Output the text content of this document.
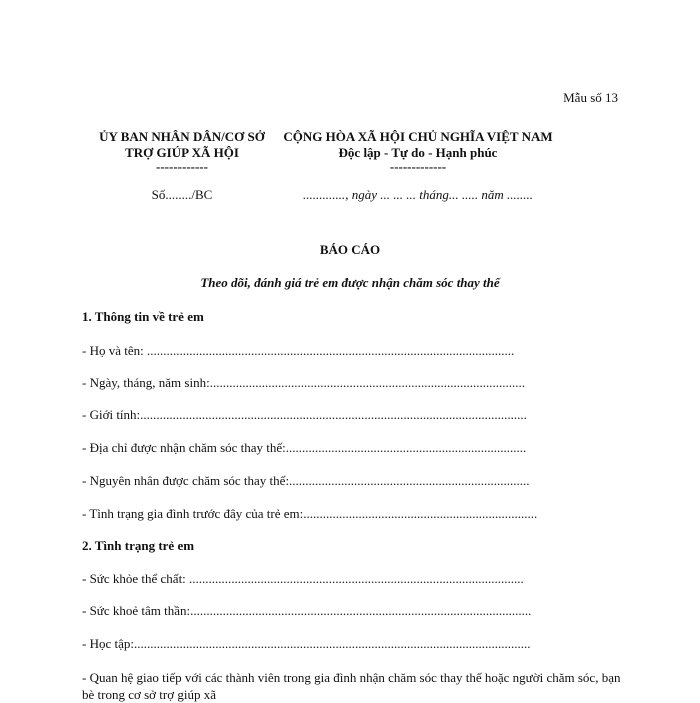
Mẫu số 13
ỦY BAN NHÂN DÂN/CƠ SỞ
TRỢ GIÚP XÃ HỘI
------------
CỘNG HÒA XÃ HỘI CHỦ NGHĨA VIỆT NAM
Độc lập - Tự do - Hạnh phúc
-------------
Số......../BC	............., ngày ... ... ... tháng... ..... năm ........
BÁO CÁO
Theo dõi, đánh giá trẻ em được nhận chăm sóc thay thế
1. Thông tin về trẻ em
- Họ và tên: .................................................................................................................
- Ngày, tháng, năm sinh:.................................................................................................
- Giới tính:.......................................................................................................................
- Địa chỉ được nhận chăm sóc thay thế:..........................................................................
- Nguyên nhân được chăm sóc thay thế:..........................................................................
- Tình trạng gia đình trước đây của trẻ em:........................................................................
2. Tình trạng trẻ em
- Sức khỏe thể chất: .......................................................................................................
- Sức khoẻ tâm thần:.........................................................................................................
- Học tập:..........................................................................................................................
- Quan hệ giao tiếp với các thành viên trong gia đình nhận chăm sóc thay thế hoặc người chăm sóc, bạn bè trong cơ sở trợ giúp xã
